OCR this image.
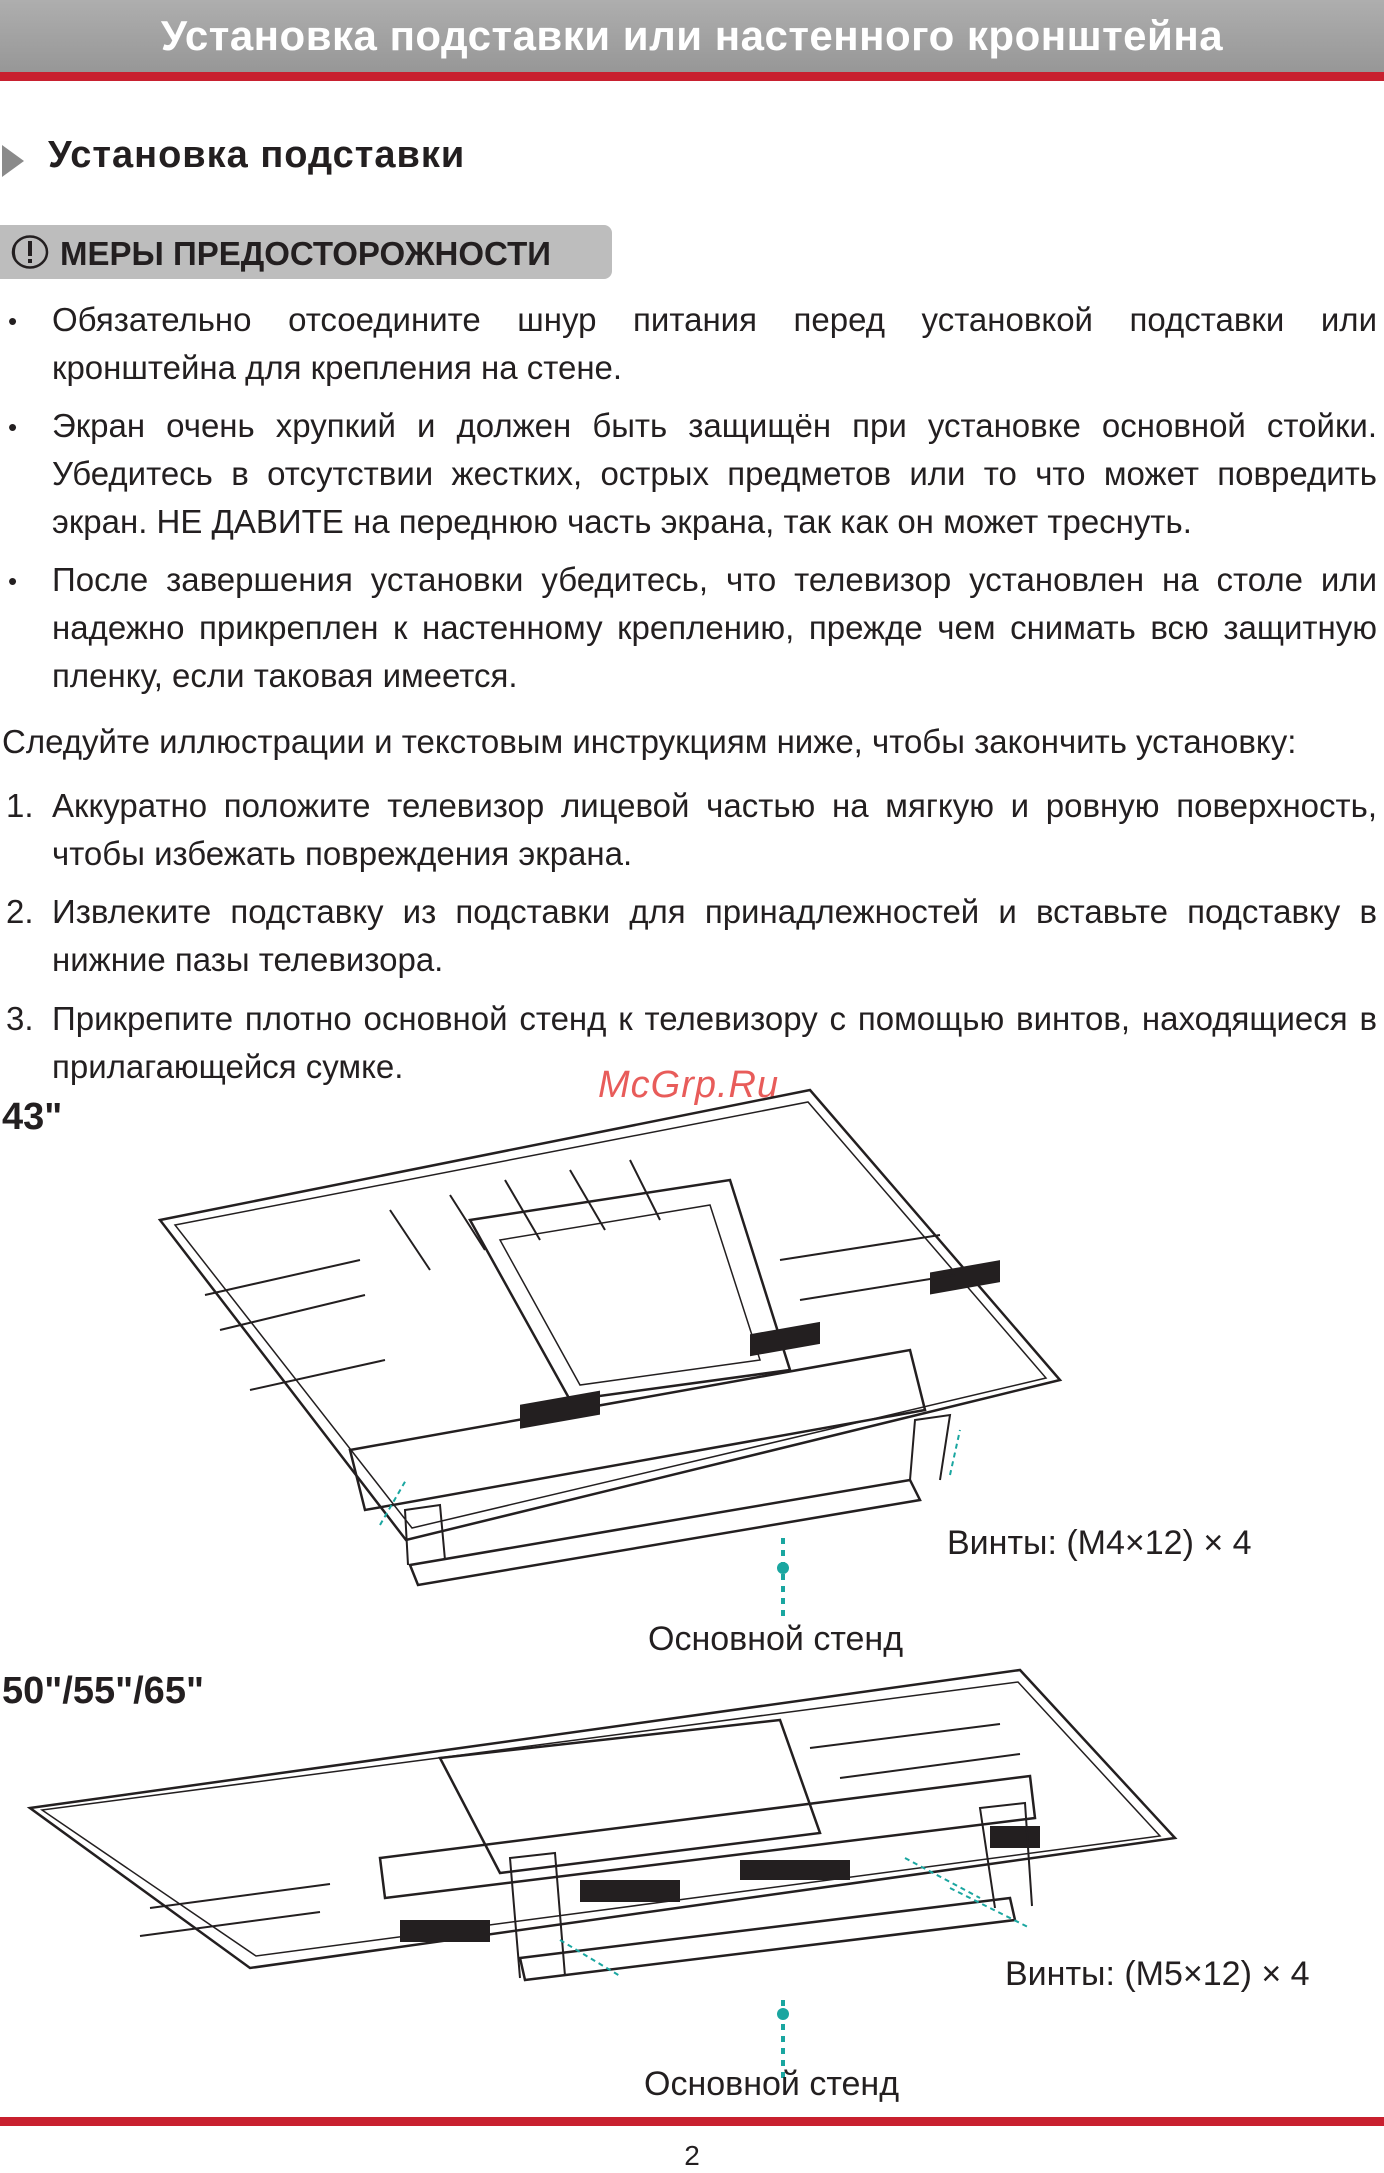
Установка подставки или настенного кронштейна
Установка подставки
МЕРЫ ПРЕДОСТОРОЖНОСТИ
• Обязательно отсоедините шнур питания перед установкой подставки или кронштейна для крепления на стене.
• Экран очень хрупкий и должен быть защищён при установке основной стойки. Убедитесь в отсутствии жестких, острых предметов или то что может повредить экран. НЕ ДАВИТЕ на переднюю часть экрана, так как он может треснуть.
• После завершения установки убедитесь, что телевизор установлен на столе или надежно прикреплен к настенному креплению, прежде чем снимать всю защитную пленку, если таковая имеется.
Следуйте иллюстрации и текстовым инструкциям ниже, чтобы закончить установку:
1. Аккуратно положите телевизор лицевой частью на мягкую и ровную поверхность, чтобы избежать повреждения экрана.
2. Извлеките подставку из подставки для принадлежностей и вставьте подставку в нижние пазы телевизора.
3. Прикрепите плотно основной стенд к телевизору с помощью винтов, находящиеся в прилагающейся сумке.	McGrp.Ru
43"
Винты: (M4×12) × 4
Основной стенд
50"/55"/65"
Винты: (M5×12) × 4
Основной стенд
2
